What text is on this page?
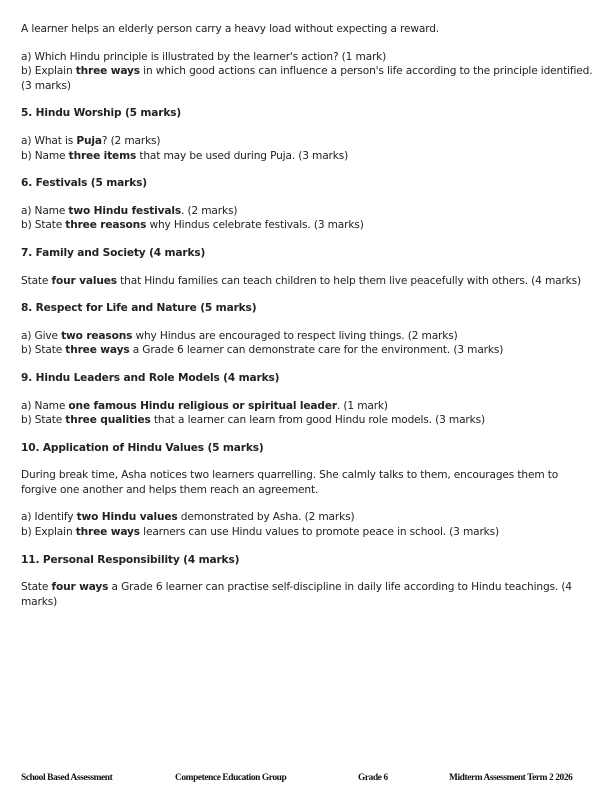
A learner helps an elderly person carry a heavy load without expecting a reward.

a) Which Hindu principle is illustrated by the learner's action? (1 mark)

b) Explain three ways in which good actions can influence a person's life according to the principle identified. (3 marks)

5. Hindu Worship (5 marks)

a) What is Puja? (2 marks)

b) Name three items that may be used during Puja. (3 marks)

6. Festivals (5 marks)

a) Name two Hindu festivals. (2 marks)

b) State three reasons why Hindus celebrate festivals. (3 marks)

7. Family and Society (4 marks)

State four values that Hindu families can teach children to help them live peacefully with others. (4 marks)

8. Respect for Life and Nature (5 marks)

a) Give two reasons why Hindus are encouraged to respect living things. (2 marks)

b) State three ways a Grade 6 learner can demonstrate care for the environment. (3 marks)

9. Hindu Leaders and Role Models (4 marks)

a) Name one famous Hindu religious or spiritual leader. (1 mark)

b) State three qualities that a learner can learn from good Hindu role models. (3 marks)

10. Application of Hindu Values (5 marks)

During break time, Asha notices two learners quarrelling. She calmly talks to them, encourages them to forgive one another and helps them reach an agreement.

a) Identify two Hindu values demonstrated by Asha. (2 marks)

b) Explain three ways learners can use Hindu values to promote peace in school. (3 marks)

11. Personal Responsibility (4 marks)

State four ways a Grade 6 learner can practise self-discipline in daily life according to Hindu teachings. (4 marks)

School Based Assessment	Competence Education Group	Grade 6	Midterm Assessment Term 2 2026
